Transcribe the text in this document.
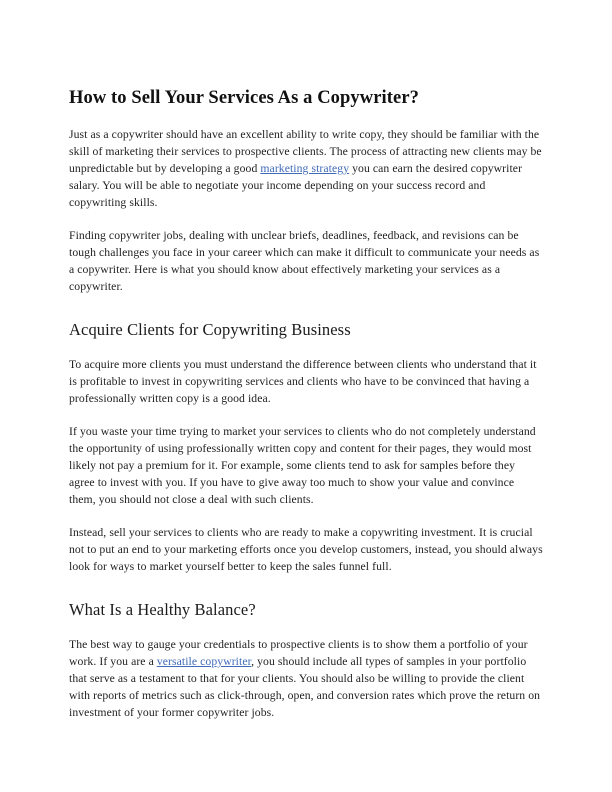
How to Sell Your Services As a Copywriter?

Just as a copywriter should have an excellent ability to write copy, they should be familiar with the skill of marketing their services to prospective clients. The process of attracting new clients may be unpredictable but by developing a good marketing strategy you can earn the desired copywriter salary. You will be able to negotiate your income depending on your success record and copywriting skills.

Finding copywriter jobs, dealing with unclear briefs, deadlines, feedback, and revisions can be tough challenges you face in your career which can make it difficult to communicate your needs as a copywriter. Here is what you should know about effectively marketing your services as a copywriter.

Acquire Clients for Copywriting Business

To acquire more clients you must understand the difference between clients who understand that it is profitable to invest in copywriting services and clients who have to be convinced that having a professionally written copy is a good idea.

If you waste your time trying to market your services to clients who do not completely understand the opportunity of using professionally written copy and content for their pages, they would most likely not pay a premium for it. For example, some clients tend to ask for samples before they agree to invest with you. If you have to give away too much to show your value and convince them, you should not close a deal with such clients.

Instead, sell your services to clients who are ready to make a copywriting investment. It is crucial not to put an end to your marketing efforts once you develop customers, instead, you should always look for ways to market yourself better to keep the sales funnel full.

What Is a Healthy Balance?

The best way to gauge your credentials to prospective clients is to show them a portfolio of your work. If you are a versatile copywriter, you should include all types of samples in your portfolio that serve as a testament to that for your clients. You should also be willing to provide the client with reports of metrics such as click-through, open, and conversion rates which prove the return on investment of your former copywriter jobs.
